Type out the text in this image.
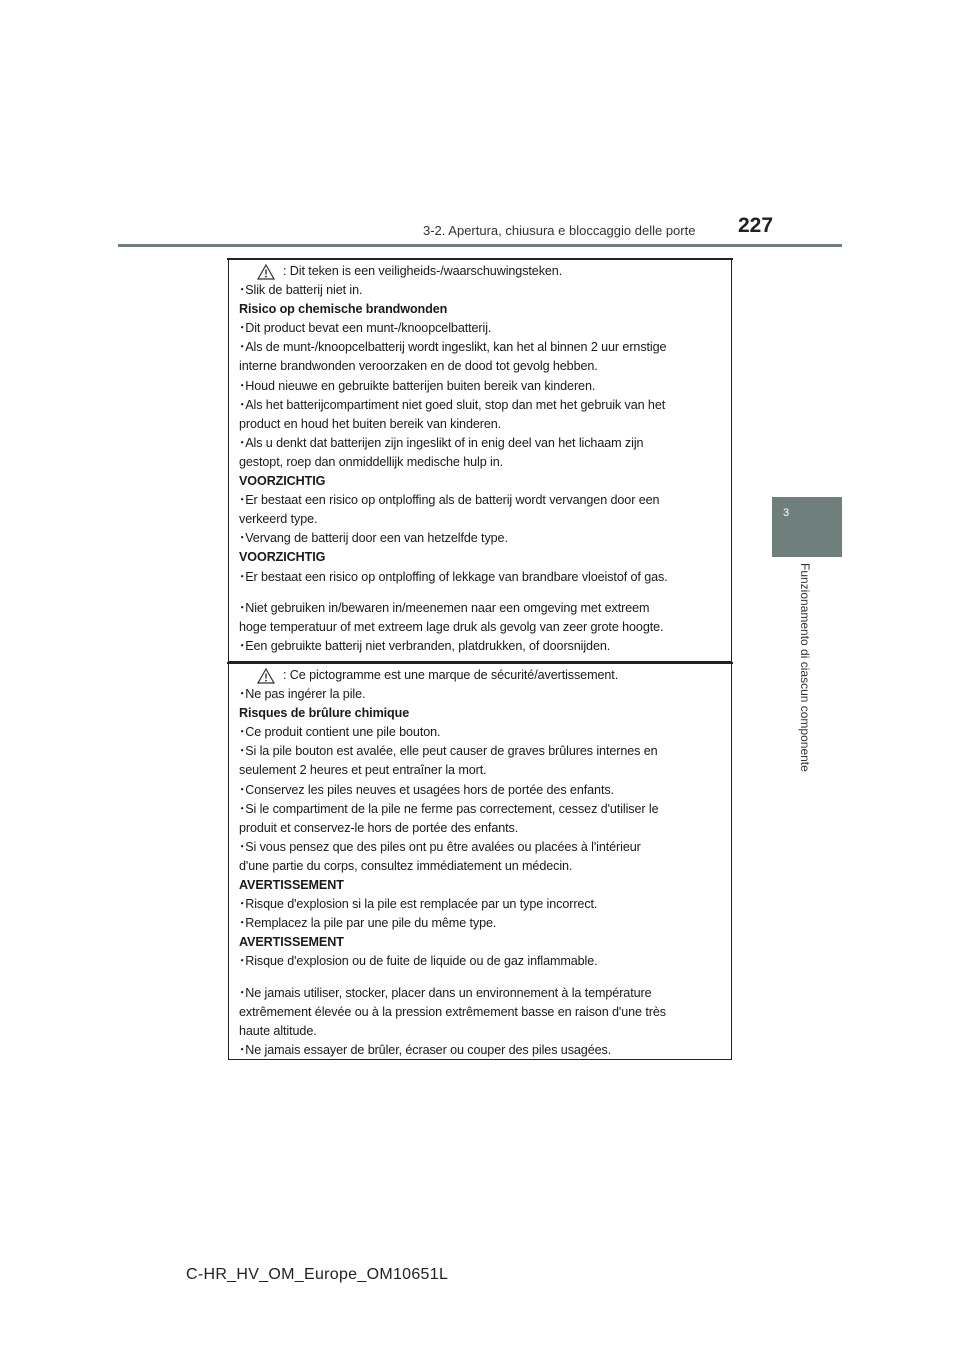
3-2. Apertura, chiusura e bloccaggio delle porte 227
3
Funzionamento di ciascun componente
: Dit teken is een veiligheids-/waarschuwingsteken.
･Slik de batterij niet in.
Risico op chemische brandwonden
･Dit product bevat een munt-/knoopcelbatterij.
･Als de munt-/knoopcelbatterij wordt ingeslikt, kan het al binnen 2 uur ernstige
interne brandwonden veroorzaken en de dood tot gevolg hebben.
･Houd nieuwe en gebruikte batterijen buiten bereik van kinderen.
･Als het batterijcompartiment niet goed sluit, stop dan met het gebruik van het
product en houd het buiten bereik van kinderen.
･Als u denkt dat batterijen zijn ingeslikt of in enig deel van het lichaam zijn
gestopt, roep dan onmiddellijk medische hulp in.
VOORZICHTIG
･Er bestaat een risico op ontploffing als de batterij wordt vervangen door een
verkeerd type.
･Vervang de batterij door een van hetzelfde type.
VOORZICHTIG
･Er bestaat een risico op ontploffing of lekkage van brandbare vloeistof of gas.
･Niet gebruiken in/bewaren in/meenemen naar een omgeving met extreem
hoge temperatuur of met extreem lage druk als gevolg van zeer grote hoogte.
･Een gebruikte batterij niet verbranden, platdrukken, of doorsnijden.
: Ce pictogramme est une marque de sécurité/avertissement.
･Ne pas ingérer la pile.
Risques de brûlure chimique
･Ce produit contient une pile bouton.
･Si la pile bouton est avalée, elle peut causer de graves brûlures internes en
seulement 2 heures et peut entraîner la mort.
･Conservez les piles neuves et usagées hors de portée des enfants.
･Si le compartiment de la pile ne ferme pas correctement, cessez d'utiliser le
produit et conservez-le hors de portée des enfants.
･Si vous pensez que des piles ont pu être avalées ou placées à l'intérieur
d'une partie du corps, consultez immédiatement un médecin.
AVERTISSEMENT
･Risque d'explosion si la pile est remplacée par un type incorrect.
･Remplacez la pile par une pile du même type.
AVERTISSEMENT
･Risque d'explosion ou de fuite de liquide ou de gaz inflammable.
･Ne jamais utiliser, stocker, placer dans un environnement à la température
extrêmement élevée ou à la pression extrêmement basse en raison d'une très
haute altitude.
･Ne jamais essayer de brûler, écraser ou couper des piles usagées.
C-HR_HV_OM_Europe_OM10651L
